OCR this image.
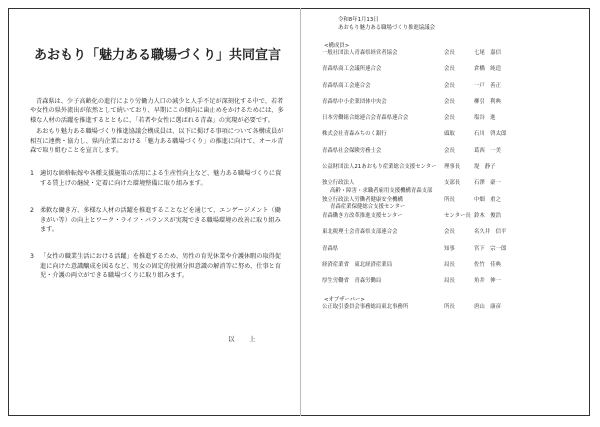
あおもり「魅力ある職場づくり」共同宣言
青森県は、少子高齢化の進行により労働力人口の減少と人手不足が深刻化する中で、若者や女性の県外流出が依然として続いており、早期にこの傾向に歯止めをかけるためには、多様な人材の活躍を推進するとともに、「若者や女性に選ばれる青森」の実現が必要です。
あおもり魅力ある職場づくり推進協議会構成員は、以下に掲げる事項について各構成員が相互に連携・協力し、県内企業における「魅力ある職場づくり」の推進に向けて、オール青森で取り組むことを宣言します。
1 適切な価格転嫁や各種支援施策の活用による生産性向上など、魅力ある職場づくりに資する賃上げの継続・定着に向けた環境整備に取り組みます。
2 柔軟な働き方、多様な人材の活躍を推進することなどを通じて、エンゲージメント（働きがい等）の向上とワーク・ライフ・バランスが実現できる職場環境の改善に取り組みます。
3 「女性の職業生活における活躍」を推進するため、男性の育児休業や介護休暇の取得促進に向けた意識醸成を図るなど、男女の固定的役割分担意識の解消等に努め、仕事と育児・介護の両立ができる職場づくりに取り組みます。
以　上
令和8年1月13日
あおもり魅力ある職場づくり推進協議会
<構成員>
一般社団法人青森県経営者協会	会長	七尾　嘉信
青森県商工会議所連合会	会長	倉橋　純造
青森県商工会連合会	会長	一戸　善正
青森県中小企業団体中央会	会長	柳引　利典
日本労働組合総連合会青森県連合会	会長	塩谷　進
株式会社青森みちのく銀行	頭取	石川　啓太郎
青森県社会保険労務士会	会長	葛西　一美
公益財団法人21あおもり産業総合支援センター	理事長	堤　静子
独立行政法人
高齢・障害・求職者雇用支援機構青森支部
支部長	石澤　豪一
独立行政法人労働者健康安全機構
青森産業保健総合支援センター
所長	中畑　重之
青森働き方改革推進支援センター	センター長 鈴木　俊浩
東北税理士会青森県支部連合会	会長	名久井　信平
青森県	知事	宮下　宗一郎
経済産業省　東北経済産業局	局長	佐竹　佳典
厚生労働省　青森労働局	局長	角井　伸一
<オブザーバー>
公正取引委員会事務総局東北事務所	所長	唐山　康彦
